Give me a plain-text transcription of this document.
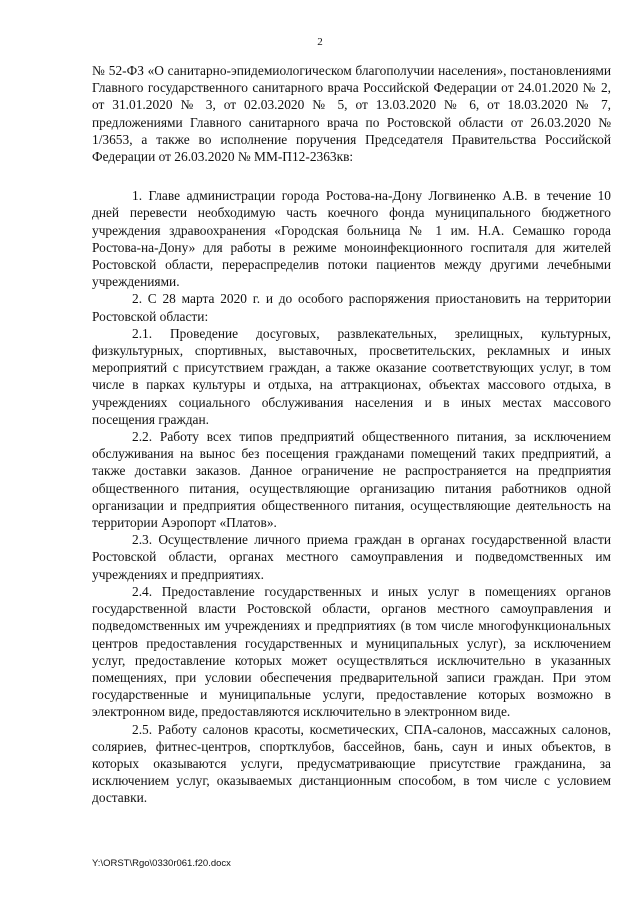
2

№ 52-ФЗ «О санитарно-эпидемиологическом благополучии населения», постановлениями Главного государственного санитарного врача Российской Федерации от 24.01.2020 № 2, от 31.01.2020 № 3, от 02.03.2020 № 5, от 13.03.2020 № 6, от 18.03.2020 № 7, предложениями Главного санитарного врача по Ростовской области от 26.03.2020 № 1/3653, а также во исполнение поручения Председателя Правительства Российской Федерации от 26.03.2020 № ММ-П12-2363кв:

1. Главе администрации города Ростова-на-Дону Логвиненко А.В. в течение 10 дней перевести необходимую часть коечного фонда муниципального бюджетного учреждения здравоохранения «Городская больница № 1 им. Н.А. Семашко города Ростова-на-Дону» для работы в режиме моноинфекционного госпиталя для жителей Ростовской области, перераспределив потоки пациентов между другими лечебными учреждениями.

2. С 28 марта 2020 г. и до особого распоряжения приостановить на территории Ростовской области:

2.1. Проведение досуговых, развлекательных, зрелищных, культурных, физкультурных, спортивных, выставочных, просветительских, рекламных и иных мероприятий с присутствием граждан, а также оказание соответствующих услуг, в том числе в парках культуры и отдыха, на аттракционах, объектах массового отдыха, в учреждениях социального обслуживания населения и в иных местах массового посещения граждан.

2.2. Работу всех типов предприятий общественного питания, за исключением обслуживания на вынос без посещения гражданами помещений таких предприятий, а также доставки заказов. Данное ограничение не распространяется на предприятия общественного питания, осуществляющие организацию питания работников одной организации и предприятия общественного питания, осуществляющие деятельность на территории Аэропорт «Платов».

2.3. Осуществление личного приема граждан в органах государственной власти Ростовской области, органах местного самоуправления и подведомственных им учреждениях и предприятиях.

2.4. Предоставление государственных и иных услуг в помещениях органов государственной власти Ростовской области, органов местного самоуправления и подведомственных им учреждениях и предприятиях (в том числе многофункциональных центров предоставления государственных и муниципальных услуг), за исключением услуг, предоставление которых может осуществляться исключительно в указанных помещениях, при условии обеспечения предварительной записи граждан. При этом государственные и муниципальные услуги, предоставление которых возможно в электронном виде, предоставляются исключительно в электронном виде.

2.5. Работу салонов красоты, косметических, СПА-салонов, массажных салонов, соляриев, фитнес-центров, спортклубов, бассейнов, бань, саун и иных объектов, в которых оказываются услуги, предусматривающие присутствие гражданина, за исключением услуг, оказываемых дистанционным способом, в том числе с условием доставки.

Y:\ORST\Rgo\0330r061.f20.docx
